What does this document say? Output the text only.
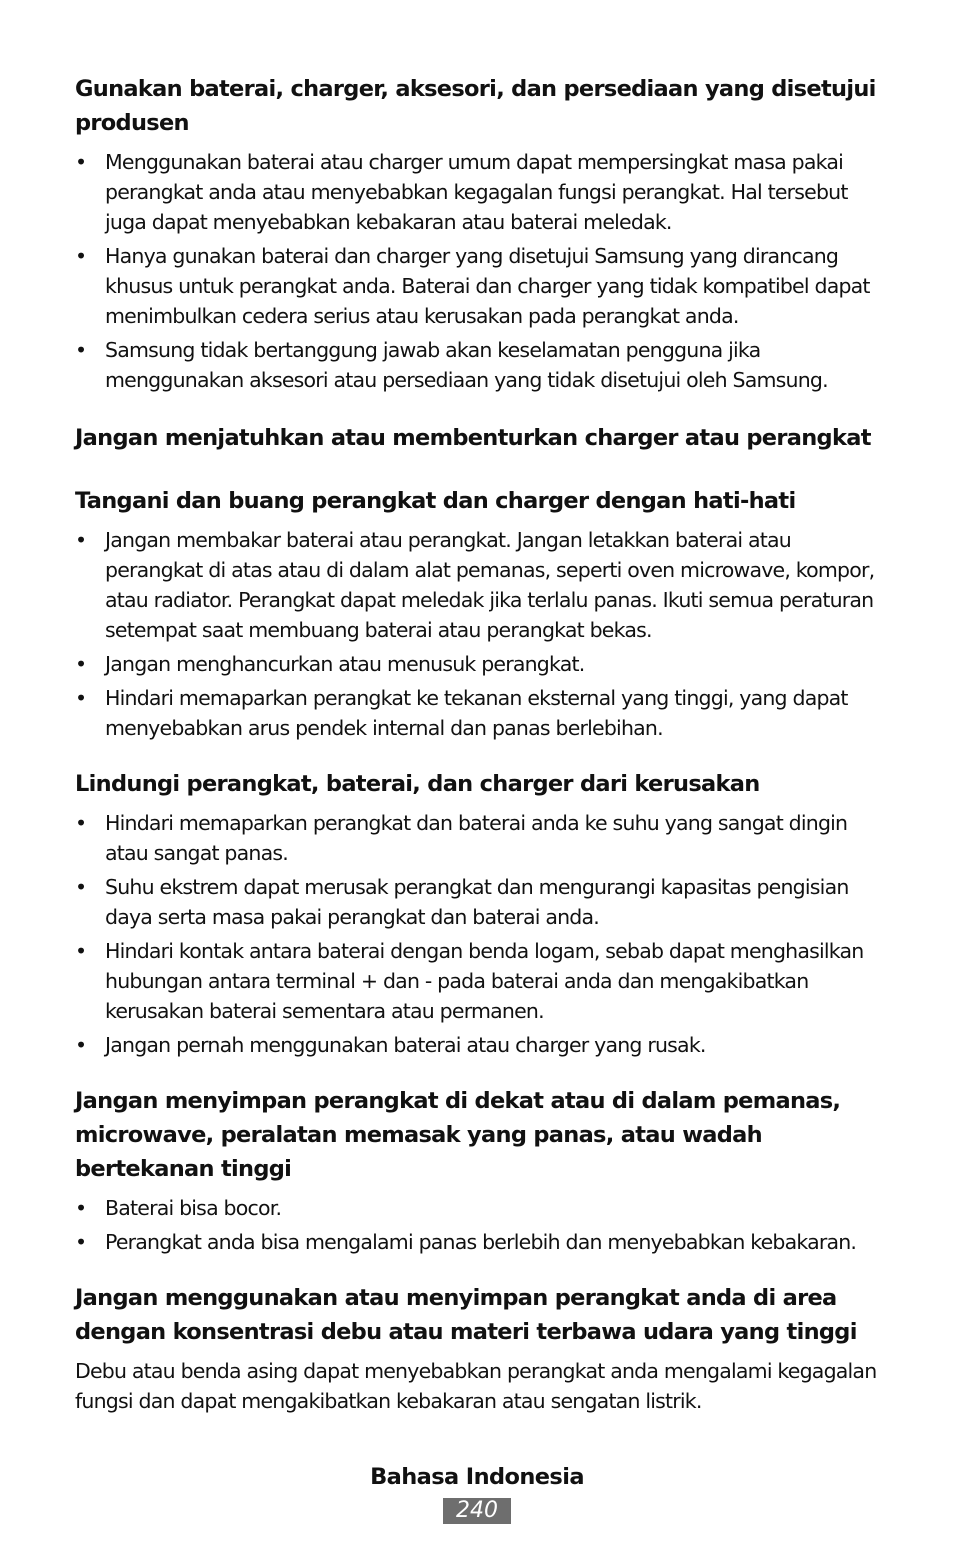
Gunakan baterai, charger, aksesori, dan persediaan yang disetujui produsen
• Menggunakan baterai atau charger umum dapat mempersingkat masa pakai perangkat anda atau menyebabkan kegagalan fungsi perangkat. Hal tersebut juga dapat menyebabkan kebakaran atau baterai meledak.
• Hanya gunakan baterai dan charger yang disetujui Samsung yang dirancang khusus untuk perangkat anda. Baterai dan charger yang tidak kompatibel dapat menimbulkan cedera serius atau kerusakan pada perangkat anda.
• Samsung tidak bertanggung jawab akan keselamatan pengguna jika menggunakan aksesori atau persediaan yang tidak disetujui oleh Samsung.
Jangan menjatuhkan atau membenturkan charger atau perangkat
Tangani dan buang perangkat dan charger dengan hati-hati
• Jangan membakar baterai atau perangkat. Jangan letakkan baterai atau perangkat di atas atau di dalam alat pemanas, seperti oven microwave, kompor, atau radiator. Perangkat dapat meledak jika terlalu panas. Ikuti semua peraturan setempat saat membuang baterai atau perangkat bekas.
• Jangan menghancurkan atau menusuk perangkat.
• Hindari memaparkan perangkat ke tekanan eksternal yang tinggi, yang dapat menyebabkan arus pendek internal dan panas berlebihan.
Lindungi perangkat, baterai, dan charger dari kerusakan
• Hindari memaparkan perangkat dan baterai anda ke suhu yang sangat dingin atau sangat panas.
• Suhu ekstrem dapat merusak perangkat dan mengurangi kapasitas pengisian daya serta masa pakai perangkat dan baterai anda.
• Hindari kontak antara baterai dengan benda logam, sebab dapat menghasilkan hubungan antara terminal + dan - pada baterai anda dan mengakibatkan kerusakan baterai sementara atau permanen.
• Jangan pernah menggunakan baterai atau charger yang rusak.
Jangan menyimpan perangkat di dekat atau di dalam pemanas, microwave, peralatan memasak yang panas, atau wadah bertekanan tinggi
• Baterai bisa bocor.
• Perangkat anda bisa mengalami panas berlebih dan menyebabkan kebakaran.
Jangan menggunakan atau menyimpan perangkat anda di area dengan konsentrasi debu atau materi terbawa udara yang tinggi

Debu atau benda asing dapat menyebabkan perangkat anda mengalami kegagalan fungsi dan dapat mengakibatkan kebakaran atau sengatan listrik.

Bahasa Indonesia
240
